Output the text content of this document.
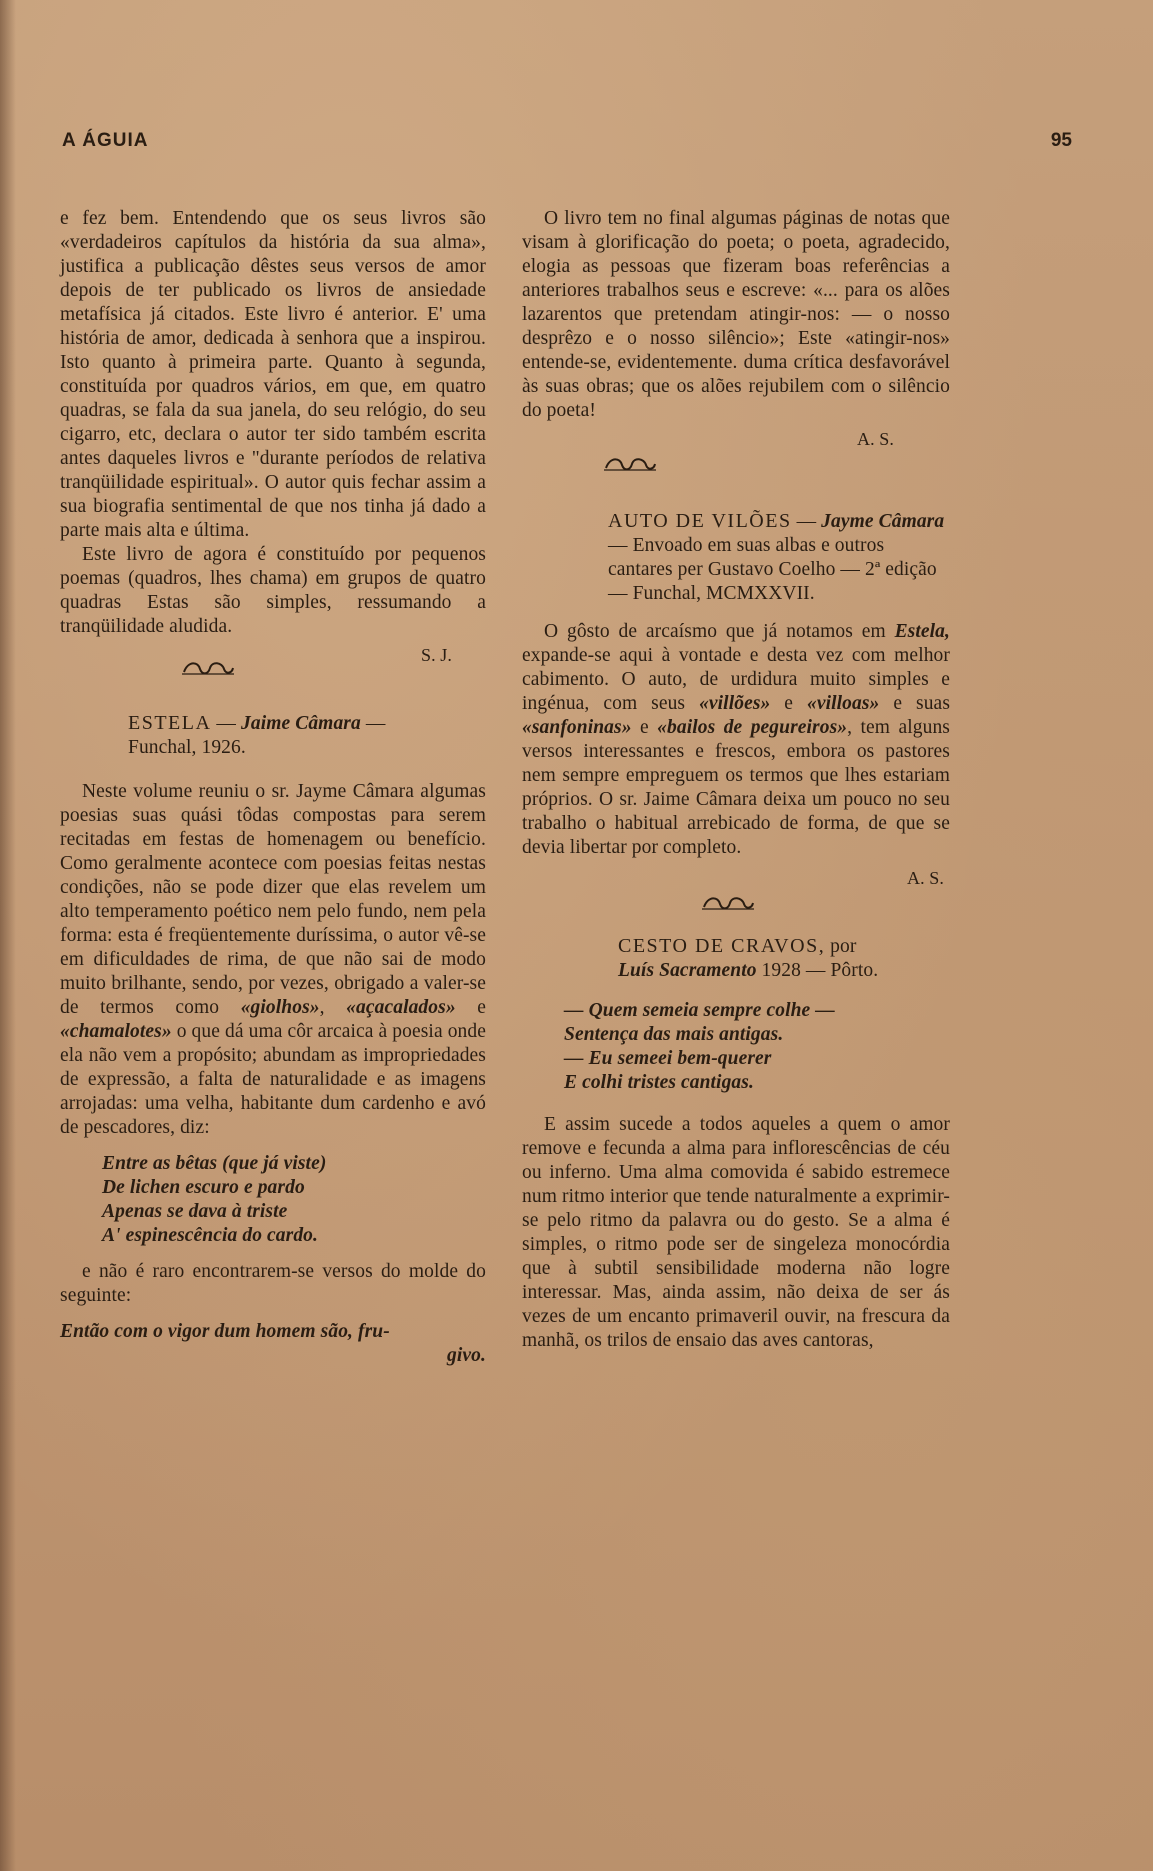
A ÁGUIA	95

e fez bem. Entendendo que os seus livros são «verdadeiros capítulos da história da sua alma», justifica a publicação dêstes seus versos de amor depois de ter publicado os livros de ansiedade metafísica já citados. Este livro é anterior. E' uma história de amor, dedicada à senhora que a inspirou. Isto quanto à primeira parte. Quanto à segunda, constituída por quadros vários, em que, em quatro quadras, se fala da sua janela, do seu relógio, do seu cigarro, etc, declara o autor ter sido também escrita antes daqueles livros e "durante períodos de relativa tranqüilidade espiritual». O autor quis fechar assim a sua biografia sentimental de que nos tinha já dado a parte mais alta e última.

Este livro de agora é constituído por pequenos poemas (quadros, lhes chama) em grupos de quatro quadras Estas são simples, ressumando a tranqüilidade aludida.

S. J.
ESTELA — Jaime Câmara —
Funchal, 1926.

Neste volume reuniu o sr. Jayme Câmara algumas poesias suas quási tôdas compostas para serem recitadas em festas de homenagem ou benefício. Como geralmente acontece com poesias feitas nestas condições, não se pode dizer que elas revelem um alto temperamento poético nem pelo fundo, nem pela forma: esta é freqüentemente duríssima, o autor vê-se em dificuldades de rima, de que não sai de modo muito brilhante, sendo, por vezes, obrigado a valer-se de termos como «giolhos», «açacalados» e «chamalotes» o que dá uma côr arcaica à poesia onde ela não vem a propósito; abundam as impropriedades de expressão, a falta de naturalidade e as imagens arrojadas: uma velha, habitante dum cardenho e avó de pescadores, diz:

Entre as bêtas (que já viste)
De lichen escuro e pardo
Apenas se dava à triste
A' espinescência do cardo.

e não é raro encontrarem-se versos do molde do seguinte:

Então com o vigor dum homem são, fru-
givo.

O livro tem no final algumas páginas de notas que visam à glorificação do poeta; o poeta, agradecido, elogia as pessoas que fizeram boas referências a anteriores trabalhos seus e escreve: «... para os alões lazarentos que pretendam atingir-nos: — o nosso desprêzo e o nosso silêncio»; Este «atingir-nos» entende-se, evidentemente. duma crítica desfavorável às suas obras; que os alões rejubilem com o silêncio do poeta!

A. S.
AUTO DE VILÕES — Jayme Câmara — Envoado em suas albas e outros cantares per Gustavo Coelho — 2ª edição — Funchal, MCMXXVII.

O gôsto de arcaísmo que já notamos em Estela, expande-se aqui à vontade e desta vez com melhor cabimento. O auto, de urdidura muito simples e ingénua, com seus «villões» e «villoas» e suas «sanfoninas» e «bailos de pegureiros», tem alguns versos interessantes e frescos, embora os pastores nem sempre empreguem os termos que lhes estariam próprios. O sr. Jaime Câmara deixa um pouco no seu trabalho o habitual arrebicado de forma, de que se devia libertar por completo.

A. S.
CESTO DE CRAVOS, por
Luís Sacramento 1928 — Pôrto.
— Quem semeia sempre colhe —
Sentença das mais antigas.
— Eu semeei bem-querer
E colhi tristes cantigas.

E assim sucede a todos aqueles a quem o amor remove e fecunda a alma para inflorescências de céu ou inferno. Uma alma comovida é sabido estremece num ritmo interior que tende naturalmente a exprimir-se pelo ritmo da palavra ou do gesto. Se a alma é simples, o ritmo pode ser de singeleza monocórdia que à subtil sensibilidade moderna não logre interessar. Mas, ainda assim, não deixa de ser ás vezes de um encanto primaveril ouvir, na frescura da manhã, os trilos de ensaio das aves cantoras,
